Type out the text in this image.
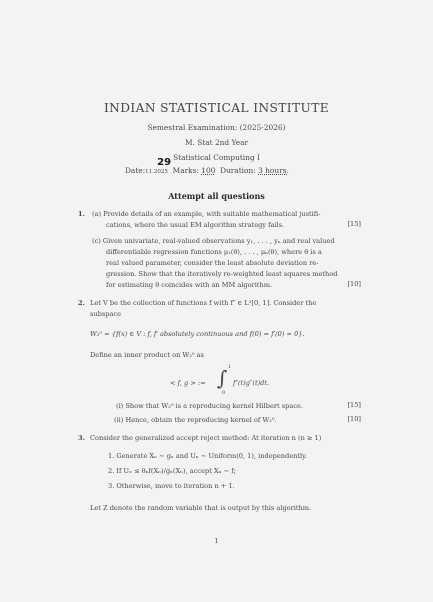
INDIAN STATISTICAL INSTITUTE
Semestral Examination: (2025-2026)
M. Stat 2nd Year
Statistical Computing I
Date:
29
11.2025 Marks: 100 Duration: 3 hours.
Attempt all questions
1. (a) Provide details of an example, with suitable mathematical justifi-
cations, where the usual EM algorithm strategy fails.	[15]
(c) Given univariate, real-valued observations y₁, . . . , yₙ and real valued
differentiable regression functions μ₁(θ), . . . , μₙ(θ), where θ is a
real valued parameter, consider the least absolute deviation re-
gression. Show that the iteratively re-weighted least squares method
for estimating θ coincides with an MM algorithm.	[10]
2. Let V be the collection of functions f with f″ ∈ L²[0, 1]. Consider the
subspace
W₂⁰ = {f(x) ∈ V : f, f′ absolutely continuous and f(0) = f′(0) = 0}.
Define an inner product on W₂⁰ as
< f, g > := ∫ 1
0
f″(t)g″(t)dt.
(i) Show that W₂⁰ is a reproducing kernel Hilbert space.	[15]
(ii) Hence, obtain the reproducing kernel of W₂⁰.	[10]
3. Consider the generalized accept reject method: At iteration n (n ≥ 1)
1. Generate Xₙ ∼ gₙ and Uₙ ∼ Uniform(0, 1), independently.
2. If Uₙ ≤ θₙf(Xₙ)/gₙ(Xₙ), accept Xₙ ∼ f;
3. Otherwise, move to iteration n + 1.
Let Z denote the random variable that is output by this algorithm.
1
